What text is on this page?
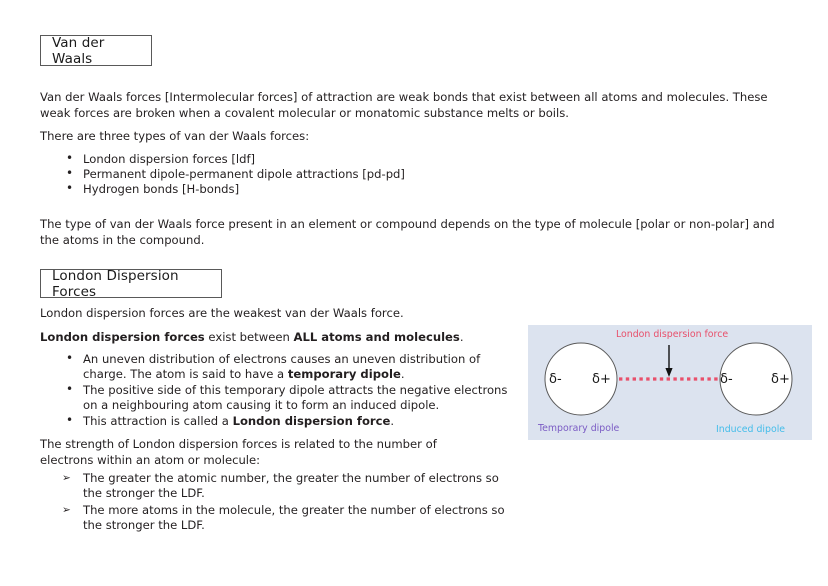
Van der Waals
Van der Waals forces [Intermolecular forces] of attraction are weak bonds that exist between all atoms and molecules. These weak forces are broken when a covalent molecular or monatomic substance melts or boils.
There are three types of van der Waals forces:
• London dispersion forces [ldf]
• Permanent dipole-permanent dipole attractions [pd-pd]
• Hydrogen bonds [H-bonds]
The type of van der Waals force present in an element or compound depends on the type of molecule [polar or non-polar] and the atoms in the compound.
London Dispersion Forces
London dispersion forces are the weakest van der Waals force.
London dispersion forces exist between ALL atoms and molecules.
• An uneven distribution of electrons causes an uneven distribution of charge. The atom is said to have a temporary dipole.
• The positive side of this temporary dipole attracts the negative electrons on a neighbouring atom causing it to form an induced dipole.
• This attraction is called a London dispersion force.
The strength of London dispersion forces is related to the number of electrons within an atom or molecule:
➢ The greater the atomic number, the greater the number of electrons so the stronger the LDF.
➢ The more atoms in the molecule, the greater the number of electrons so the stronger the LDF.
London dispersion force
δ- δ+	δ-	δ+
Temporary dipole	Induced dipole
